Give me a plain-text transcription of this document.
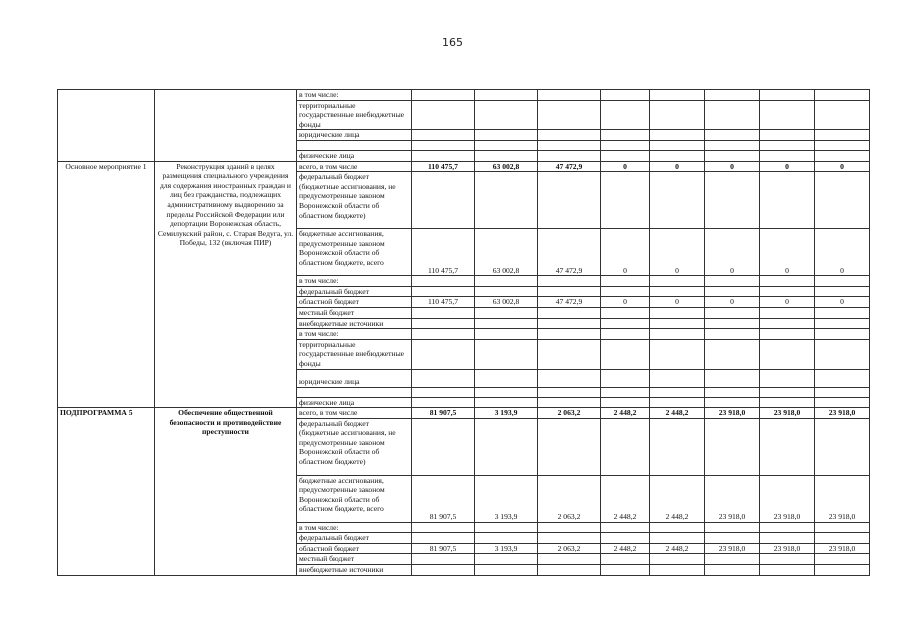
165
		в том числе:								
		территориальные государственные внебюджетные фонды								
		юридические лица								

		физические лица								
Основное мероприятие 1	Реконструкция зданий в целях размещения специального учреждения для содержания иностранных граждан и лиц без гражданства, подлежащих административному выдворению за пределы Российской Федерации или депортации Воронежская область, Семилукский район, с. Старая Ведуга, ул. Победы, 132 (включая ПИР)	всего, в том числе	110 475,7	63 002,8	47 472,9	0	0	0	0	0
		федеральный бюджет (бюджетные ассигнования, не предусмотренные законом Воронежской области об областном бюджете)								
		бюджетные ассигнования, предусмотренные законом Воронежской области об областном бюджете, всего	110 475,7	63 002,8	47 472,9	0	0	0	0	0
		в том числе:								
		федеральный бюджет								
		областной бюджет	110 475,7	63 002,8	47 472,9	0	0	0	0	0
		местный бюджет								
		внебюджетные источники								
		в том числе:								
		территориальные государственные внебюджетные фонды								
		юридические лица								

		физические лица								
ПОДПРОГРАММА 5	Обеспечение общественной безопасности и противодействие преступности	всего, в том числе	81 907,5	3 193,9	2 063,2	2 448,2	2 448,2	23 918,0	23 918,0	23 918,0
		федеральный бюджет (бюджетные ассигнования, не предусмотренные законом Воронежской области об областном бюджете)								
		бюджетные ассигнования, предусмотренные законом Воронежской области об областном бюджете, всего	81 907,5	3 193,9	2 063,2	2 448,2	2 448,2	23 918,0	23 918,0	23 918,0
		в том числе:								
		федеральный бюджет								
		областной бюджет	81 907,5	3 193,9	2 063,2	2 448,2	2 448,2	23 918,0	23 918,0	23 918,0
		местный бюджет								
		внебюджетные источники								
